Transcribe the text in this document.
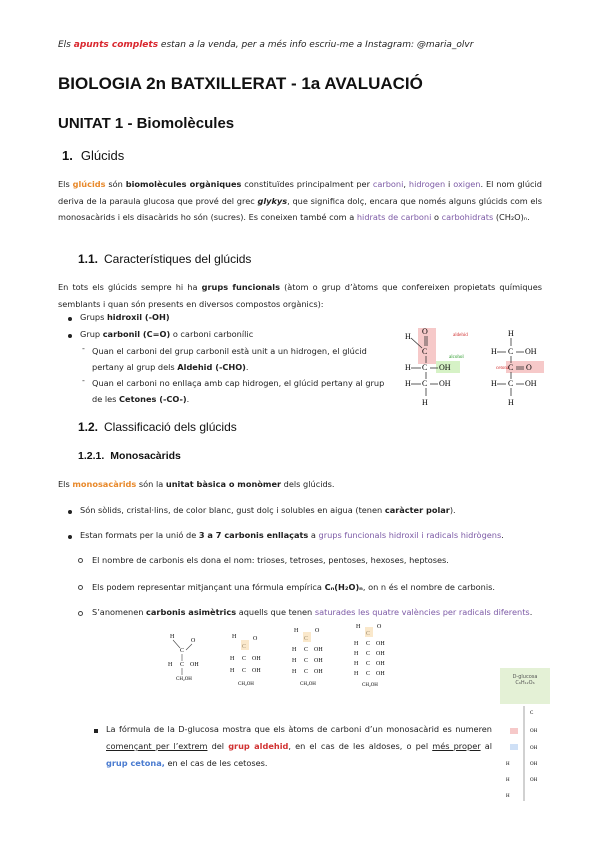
Els apunts complets estan a la venda, per a més info escriu-me a Instagram: @maria_olvr
BIOLOGIA 2n BATXILLERAT - 1a AVALUACIÓ
UNITAT 1 - Biomolècules
1. Glúcids
Els glúcids són biomolècules orgàniques constituïdes principalment per carboni, hidrogen i oxigen. El nom glúcid deriva de la paraula glucosa que prové del grec glykys, que significa dolç, encara que només alguns glúcids com els monosacàrids i els disacàrids ho són (sucres). Es coneixen també com a hidrats de carboni o carbohidrats (CH₂O)ₙ.
1.1. Característiques del glúcids
En tots els glúcids sempre hi ha grups funcionals (àtom o grup d’àtoms que confereixen propietats químiques semblants i quan són presents en diversos compostos orgànics):
Grups hidroxil (-OH)
Grup carbonil (C=O) o carboni carbonílic
- Quan el carboni del grup carbonil està unit a un hidrogen, el glúcid pertany al grup dels Aldehid (-CHO).
- Quan el carboni no enllaça amb cap hidrogen, el glúcid pertany al grup de les Cetones (-CO-).
aldehid
alcohol
H
O
C
H C OH
H C OH
H
cetona
H
H C OH
C O
H C OH
H
1.2. Classificació dels glúcids
1.2.1. Monosacàrids
Els monosacàrids són la unitat bàsica o monòmer dels glúcids.
Són sòlids, cristal·lins, de color blanc, gust dolç i solubles en aigua (tenen caràcter polar).
Estan formats per la unió de 3 a 7 carbonis enllaçats a grups funcionals hidroxil i radicals hidrògens.
El nombre de carbonis els dona el nom: trioses, tetroses, pentoses, hexoses, heptoses.
Els podem representar mitjançant una fórmula empírica Cₙ(H₂O)ₙ, on n és el nombre de carbonis.
S’anomenen carbonis asimètrics aquells que tenen saturades les quatre valències per radicals diferents.
H
C
O
H C OH
CH₂OH
H	O
H C OH
H C OH
CH₂OH
H	O
H C OH
H C OH
H C OH
CH₂OH
H	O
H C OH
H C OH
H C OH
H C OH
CH₂OH
D-glucosa
C₆H₁₂O₆
C
OH
OH
OH
OH
H
H
H
La fórmula de la D-glucosa mostra que els àtoms de carboni d’un monosacàrid es numeren començant per l’extrem del grup aldehid, en el cas de les aldoses, o pel més proper al grup cetona, en el cas de les cetoses.
